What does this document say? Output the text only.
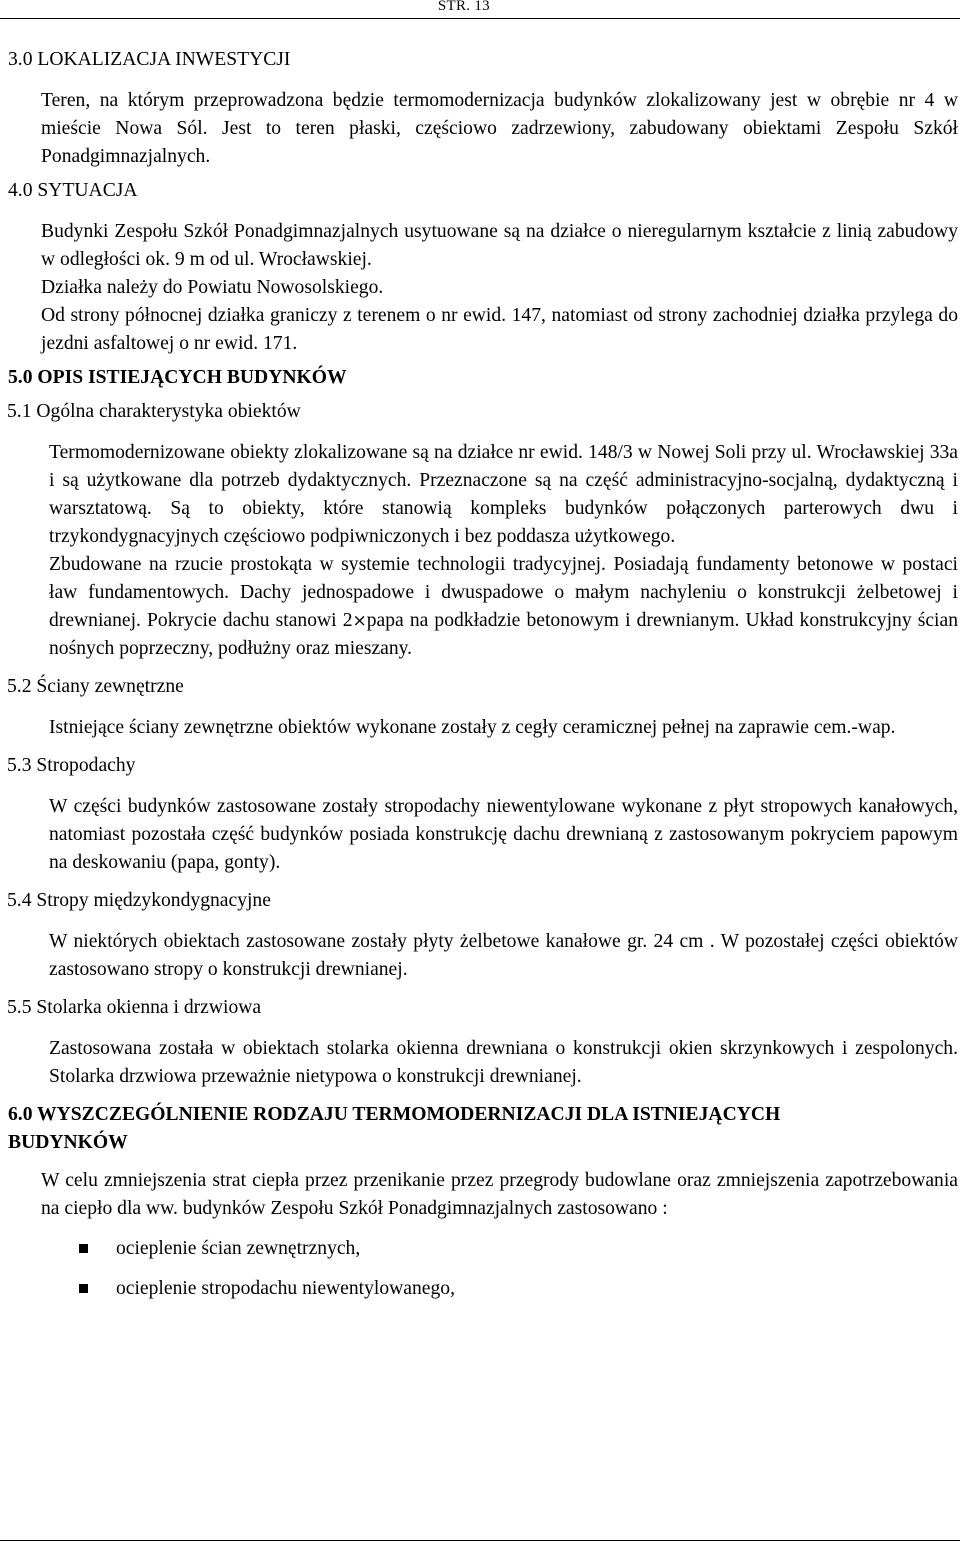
STR. 13
3.0 LOKALIZACJA INWESTYCJI

Teren, na którym przeprowadzona będzie termomodernizacja budynków zlokalizowany jest w obrębie nr 4 w mieście Nowa Sól. Jest to teren płaski, częściowo zadrzewiony, zabudowany obiektami Zespołu Szkół Ponadgimnazjalnych.

4.0 SYTUACJA

Budynki Zespołu Szkół Ponadgimnazjalnych usytuowane są na działce o nieregularnym kształcie z linią zabudowy w odległości ok. 9 m od ul. Wrocławskiej.

Działka należy do Powiatu Nowosolskiego.

Od strony północnej działka graniczy z terenem o nr ewid. 147, natomiast od strony zachodniej działka przylega do jezdni asfaltowej o nr ewid. 171.

5.0 OPIS ISTIEJĄCYCH BUDYNKÓW
5.1 Ogólna charakterystyka obiektów

Termomodernizowane obiekty zlokalizowane są na działce nr ewid. 148/3 w Nowej Soli przy ul. Wrocławskiej 33a i są użytkowane dla potrzeb dydaktycznych. Przeznaczone są na część administracyjno-socjalną, dydaktyczną i warsztatową. Są to obiekty, które stanowią kompleks budynków połączonych parterowych dwu i trzykondygnacyjnych częściowo podpiwniczonych i bez poddasza użytkowego.

Zbudowane na rzucie prostokąta w systemie technologii tradycyjnej. Posiadają fundamenty betonowe w postaci ław fundamentowych. Dachy jednospadowe i dwuspadowe o małym nachyleniu o konstrukcji żelbetowej i drewnianej. Pokrycie dachu stanowi 2×papa na podkładzie betonowym i drewnianym. Układ konstrukcyjny ścian nośnych poprzeczny, podłużny oraz mieszany.

5.2 Ściany zewnętrzne

Istniejące ściany zewnętrzne obiektów wykonane zostały z cegły ceramicznej pełnej na zaprawie cem.-wap.

5.3 Stropodachy

W części budynków zastosowane zostały stropodachy niewentylowane wykonane z płyt stropowych kanałowych, natomiast pozostała część budynków posiada konstrukcję dachu drewnianą z zastosowanym pokryciem papowym na deskowaniu (papa, gonty).

5.4 Stropy międzykondygnacyjne

W niektórych obiektach zastosowane zostały płyty żelbetowe kanałowe gr. 24 cm . W pozostałej części obiektów zastosowano stropy o konstrukcji drewnianej.

5.5 Stolarka okienna i drzwiowa

Zastosowana została w obiektach stolarka okienna drewniana o konstrukcji okien skrzynkowych i zespolonych. Stolarka drzwiowa przeważnie nietypowa o konstrukcji drewnianej.

6.0 WYSZCZEGÓLNIENIE RODZAJU TERMOMODERNIZACJI DLA ISTNIEJĄCYCH BUDYNKÓW

W celu zmniejszenia strat ciepła przez przenikanie przez przegrody budowlane oraz zmniejszenia zapotrzebowania na ciepło dla ww. budynków Zespołu Szkół Ponadgimnazjalnych zastosowano :

ocieplenie ścian zewnętrznych,
ocieplenie stropodachu niewentylowanego,
